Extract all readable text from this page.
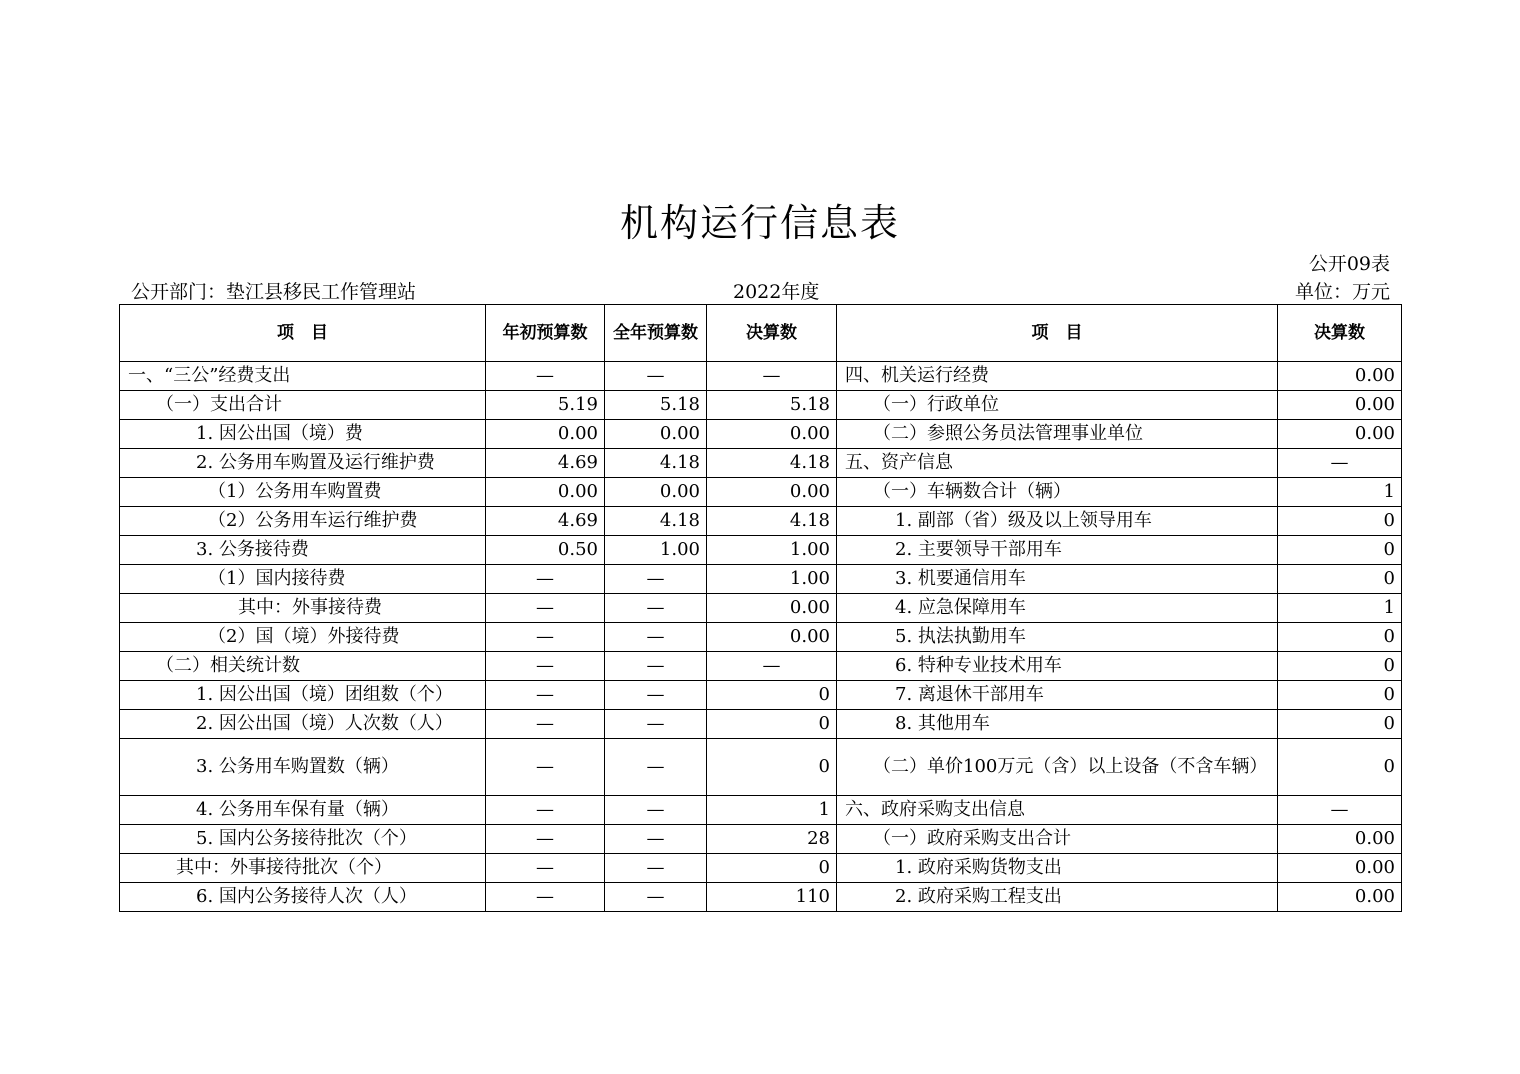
机构运行信息表
公开09表
公开部门：垫江县移民工作管理站	2022年度	单位：万元
项　目	年初预算数	全年预算数	决算数	项　目	决算数
一、“三公”经费支出	—	—	—	四、机关运行经费	0.00
（一）支出合计	5.19	5.18	5.18	（一）行政单位	0.00
1. 因公出国（境）费	0.00	0.00	0.00	（二）参照公务员法管理事业单位	0.00
2. 公务用车购置及运行维护费	4.69	4.18	4.18	五、资产信息	—
（1）公务用车购置费	0.00	0.00	0.00	（一）车辆数合计（辆）	1
（2）公务用车运行维护费	4.69	4.18	4.18	1. 副部（省）级及以上领导用车	0
3. 公务接待费	0.50	1.00	1.00	2. 主要领导干部用车	0
（1）国内接待费	—	—	1.00	3. 机要通信用车	0
其中：外事接待费	—	—	0.00	4. 应急保障用车	1
（2）国（境）外接待费	—	—	0.00	5. 执法执勤用车	0
（二）相关统计数	—	—	—	6. 特种专业技术用车	0
1. 因公出国（境）团组数（个）	—	—	0	7. 离退休干部用车	0
2. 因公出国（境）人次数（人）	—	—	0	8. 其他用车	0
3. 公务用车购置数（辆）	—	—	0	（二）单价100万元（含）以上设备（不含车辆）	0
4. 公务用车保有量（辆）	—	—	1	六、政府采购支出信息	—
5. 国内公务接待批次（个）	—	—	28	（一）政府采购支出合计	0.00
其中：外事接待批次（个）	—	—	0	1. 政府采购货物支出	0.00
6. 国内公务接待人次（人）	—	—	110	2. 政府采购工程支出	0.00
